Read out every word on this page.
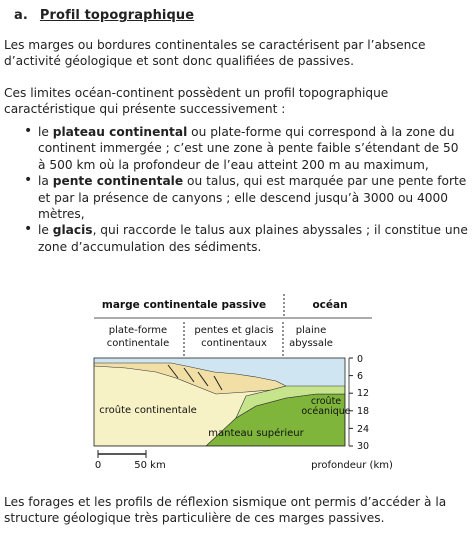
a. Profil topographique
Les marges ou bordures continentales se caractérisent par l’absence d’activité géologique et sont donc qualifiées de passives.
Ces limites océan-continent possèdent un profil topographique caractéristique qui présente successivement :
• le plateau continental ou plate-forme qui correspond à la zone du continent immergée ; c’est une zone à pente faible s’étendant de 50 à 500 km où la profondeur de l’eau atteint 200 m au maximum,
• la pente continentale ou talus, qui est marquée par une pente forte et par la présence de canyons ; elle descend jusqu’à 3000 ou 4000 mètres,
• le glacis, qui raccorde le talus aux plaines abyssales ; il constitue une zone d’accumulation des sédiments.
marge continentale passive	océan
plate-forme
continentale
pentes et glacis
continentaux
plaine
abyssale
croûte continentale
croûte
océanique
manteau supérieur
0
6
12
18
24
30
profondeur (km)
0	50 km
Les forages et les profils de réflexion sismique ont permis d’accéder à la structure géologique très particulière de ces marges passives.
